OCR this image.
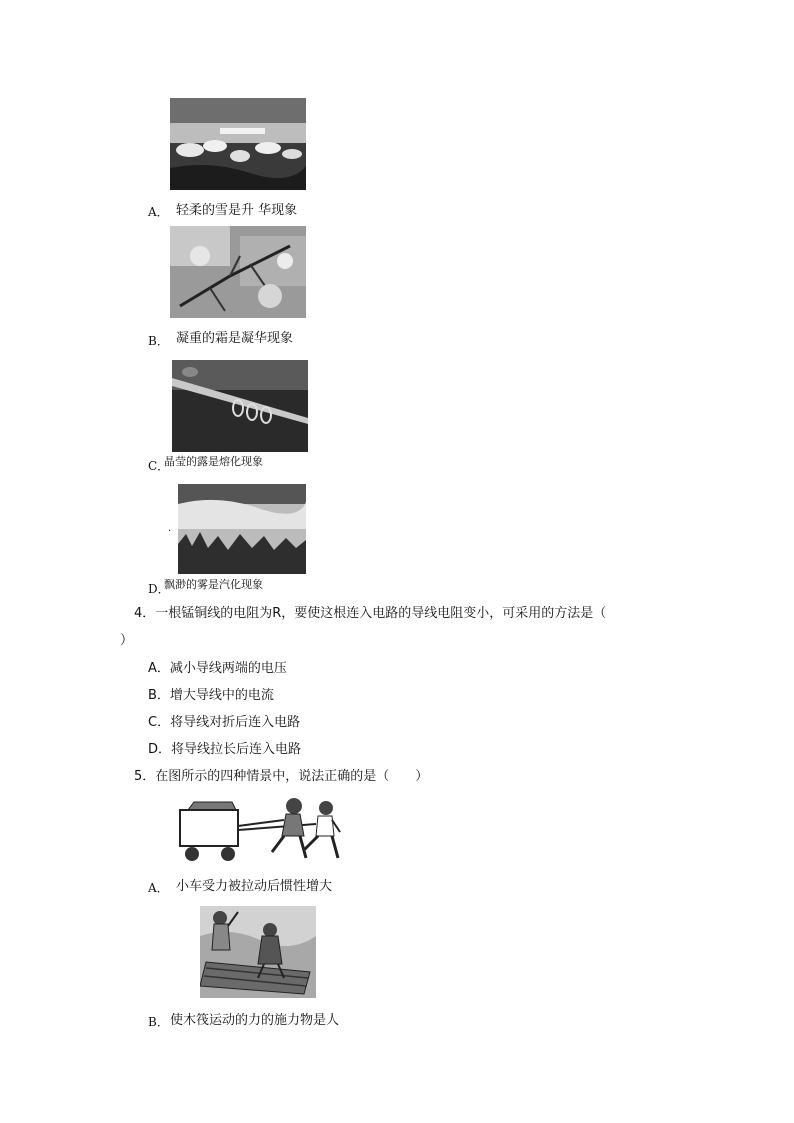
A． 轻柔的雪是升 华现象
B． 凝重的霜是凝华现象
C．
晶莹的露是熔化现象
·
D．
飘渺的雾是汽化现象
4．一根锰铜线的电阻为R，要使这根连入电路的导线电阻变小，可采用的方法是（
）
A．减小导线两端的电压
B．增大导线中的电流
C．将导线对折后连入电路
D．将导线拉长后连入电路
5．在图所示的四种情景中，说法正确的是（　　）
A． 小车受力被拉动后惯性增大
B． 使木筏运动的力的施力物是人
